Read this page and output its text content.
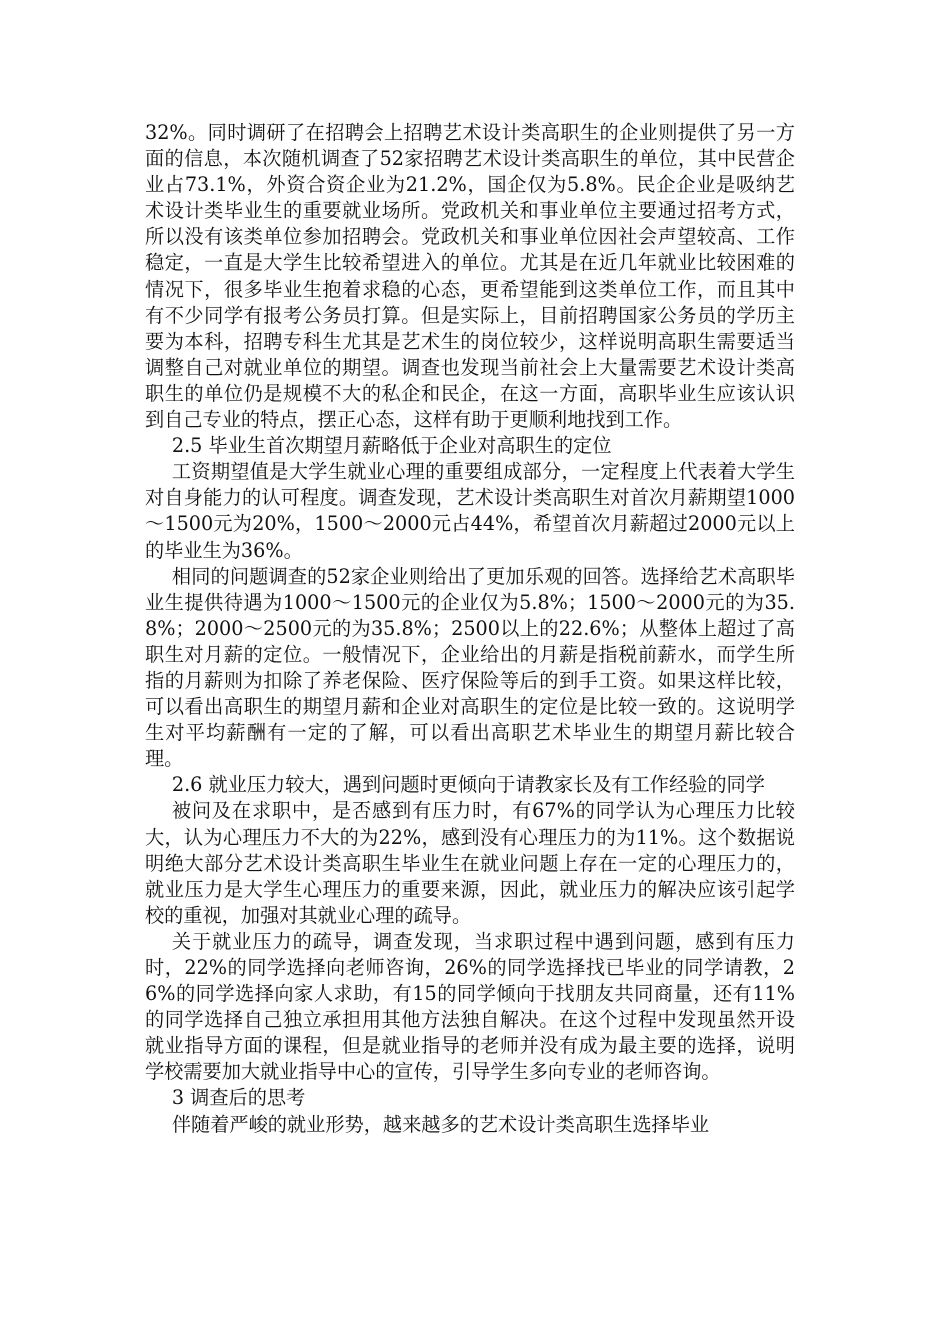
32%。同时调研了在招聘会上招聘艺术设计类高职生的企业则提供了另一方面的信息，本次随机调查了52家招聘艺术设计类高职生的单位，其中民营企业占73.1%，外资合资企业为21.2%，国企仅为5.8%。民企企业是吸纳艺术设计类毕业生的重要就业场所。党政机关和事业单位主要通过招考方式，所以没有该类单位参加招聘会。党政机关和事业单位因社会声望较高、工作稳定，一直是大学生比较希望进入的单位。尤其是在近几年就业比较困难的情况下，很多毕业生抱着求稳的心态，更希望能到这类单位工作，而且其中有不少同学有报考公务员打算。但是实际上，目前招聘国家公务员的学历主要为本科，招聘专科生尤其是艺术生的岗位较少，这样说明高职生需要适当调整自己对就业单位的期望。调查也发现当前社会上大量需要艺术设计类高职生的单位仍是规模不大的私企和民企，在这一方面，高职毕业生应该认识到自己专业的特点，摆正心态，这样有助于更顺利地找到工作。

2.5 毕业生首次期望月薪略低于企业对高职生的定位

工资期望值是大学生就业心理的重要组成部分，一定程度上代表着大学生对自身能力的认可程度。调查发现，艺术设计类高职生对首次月薪期望1000～1500元为20%，1500～2000元占44%，希望首次月薪超过2000元以上的毕业生为36%。

相同的问题调查的52家企业则给出了更加乐观的回答。选择给艺术高职毕业生提供待遇为1000～1500元的企业仅为5.8%；1500～2000元的为35.8%；2000～2500元的为35.8%；2500以上的22.6%；从整体上超过了高职生对月薪的定位。一般情况下，企业给出的月薪是指税前薪水，而学生所指的月薪则为扣除了养老保险、医疗保险等后的到手工资。如果这样比较，可以看出高职生的期望月薪和企业对高职生的定位是比较一致的。这说明学生对平均薪酬有一定的了解，可以看出高职艺术毕业生的期望月薪比较合理。

2.6 就业压力较大，遇到问题时更倾向于请教家长及有工作经验的同学

被问及在求职中，是否感到有压力时，有67%的同学认为心理压力比较大，认为心理压力不大的为22%，感到没有心理压力的为11%。这个数据说明绝大部分艺术设计类高职生毕业生在就业问题上存在一定的心理压力的，就业压力是大学生心理压力的重要来源，因此，就业压力的解决应该引起学校的重视，加强对其就业心理的疏导。

关于就业压力的疏导，调查发现，当求职过程中遇到问题，感到有压力时，22%的同学选择向老师咨询，26%的同学选择找已毕业的同学请教，26%的同学选择向家人求助，有15的同学倾向于找朋友共同商量，还有11%的同学选择自己独立承担用其他方法独自解决。在这个过程中发现虽然开设就业指导方面的课程，但是就业指导的老师并没有成为最主要的选择，说明学校需要加大就业指导中心的宣传，引导学生多向专业的老师咨询。

3 调查后的思考

伴随着严峻的就业形势，越来越多的艺术设计类高职生选择毕业
